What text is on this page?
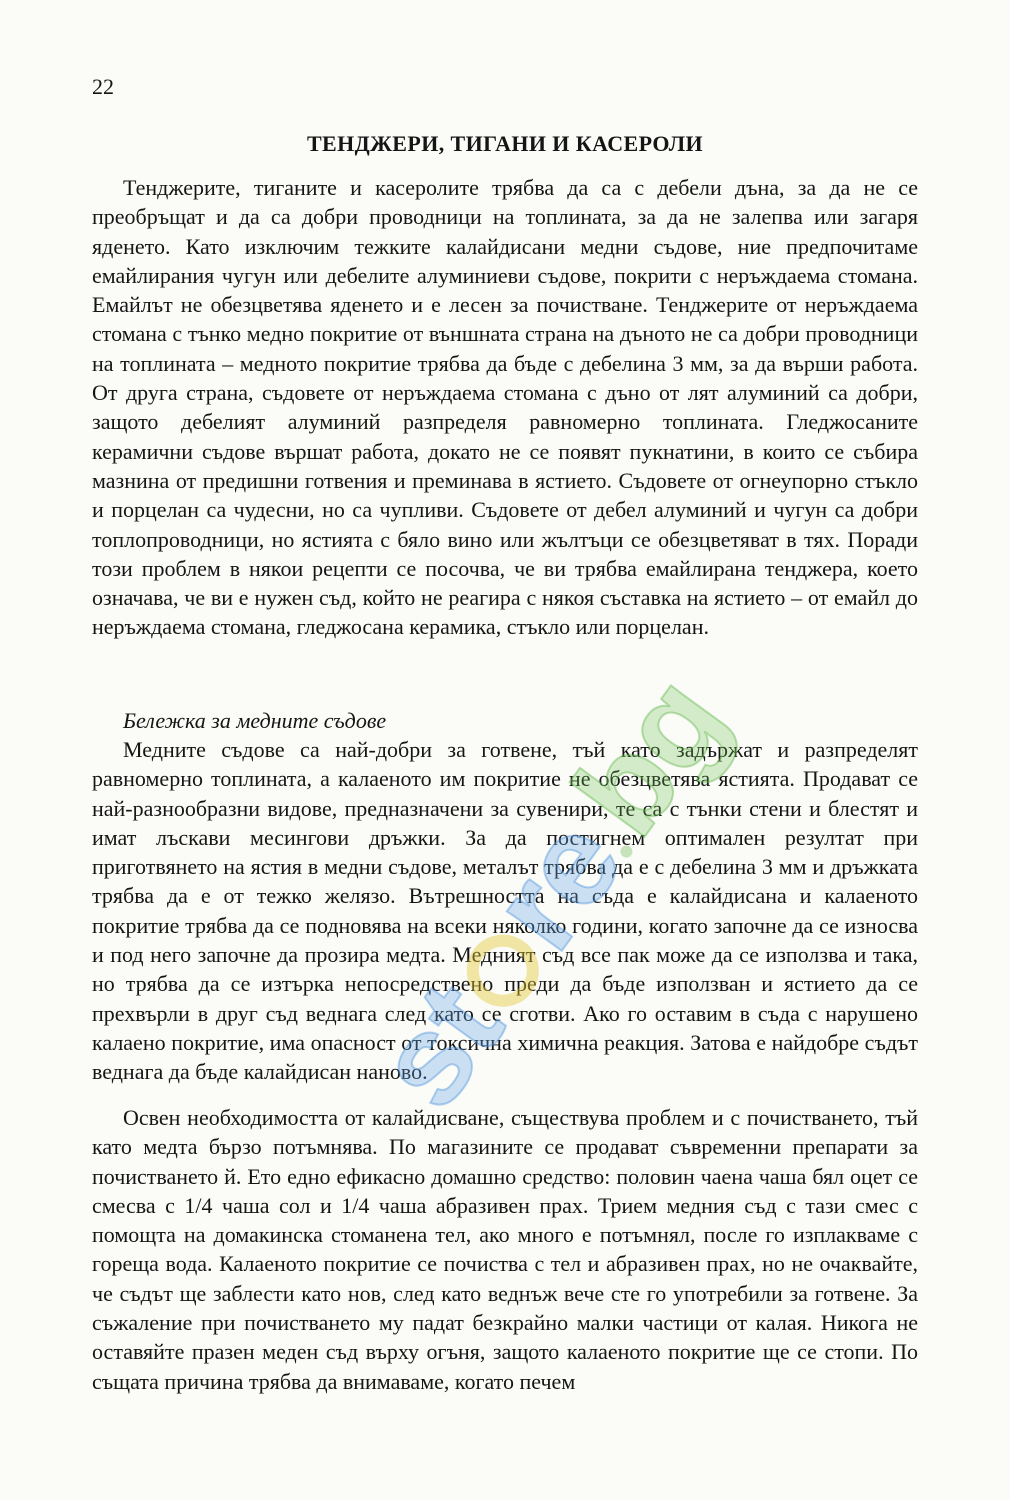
22
ТЕНДЖЕРИ, ТИГАНИ И КАСЕРОЛИ

Тенджерите, тиганите и касеролите трябва да са с дебели дъна, за да не се преобръщат и да са добри проводници на топлината, за да не залепва или загаря яденето. Като изключим тежките калайдисани медни съдове, ние предпочитаме емайлирания чугун или дебелите алуминиеви съдове, покрити с неръждаема стомана. Емайлът не обезцветява яденето и е лесен за почистване. Тенджерите от неръждаема стомана с тънко медно покритие от външната страна на дъното не са добри проводници на топлината – медното покритие трябва да бъде с дебелина 3 мм, за да върши работа. От друга страна, съдовете от неръждаема стомана с дъно от лят алуминий са добри, защото дебелият алуминий разпределя равномерно топлината. Гледжосаните керамични съдове вършат работа, докато не се появят пукнатини, в които се събира мазнина от предишни готвения и преминава в ястието. Съдовете от огнеупорно стъкло и порцелан са чудесни, но са чупливи. Съдовете от дебел алуминий и чугун са добри топлопроводници, но ястията с бяло вино или жълтъци се обезцветяват в тях. Поради този проблем в някои рецепти се посочва, че ви трябва емайлирана тенджера, което означава, че ви е нужен съд, който не реагира с някоя съставка на ястието – от емайл до неръждаема стомана, гледжосана керамика, стъкло или порцелан.

Бележка за медните съдове

Медните съдове са най-добри за готвене, тъй като задържат и разпределят равномерно топлината, а калаеното им покритие не обезцветява ястията. Продават се най-разнообразни видове, предназначени за сувенири, те са с тънки стени и блестят и имат лъскави месингови дръжки. За да постигнем оптимален резултат при приготвянето на ястия в медни съдове, металът трябва да е с дебелина 3 мм и дръжката трябва да е от тежко желязо. Вътрешността на съда е калайдисана и калаеното покритие трябва да се подновява на всеки няколко години, когато започне да се износва и под него започне да прозира медта. Медният съд все пак може да се използва и така, но трябва да се изтърка непосредствено преди да бъде използван и ястието да се прехвърли в друг съд веднага след като се сготви. Ако го оставим в съда с нарушено калаено покритие, има опасност от токсична химична реакция. Затова е найдобре съдът веднага да бъде калайдисан наново.

Освен необходимостта от калайдисване, съществува проблем и с почистването, тъй като медта бързо потъмнява. По магазините се продават съвременни препарати за почистването й. Ето едно ефикасно домашно средство: половин чаена чаша бял оцет се смесва с 1/4 чаша сол и 1/4 чаша абразивен прах. Трием медния съд с тази смес с помощта на домакинска стоманена тел, ако много е потъмнял, после го изплакваме с гореща вода. Калаеното покритие се почиства с тел и абразивен прах, но не очаквайте, че съдът ще заблести като нов, след като веднъж вече сте го употребили за готвене. За съжаление при почистването му падат безкрайно малки частици от калая. Никога не оставяйте празен меден съд върху огъня, защото калаеното покритие ще се стопи. По същата причина трябва да внимаваме, когато печем

strebg
